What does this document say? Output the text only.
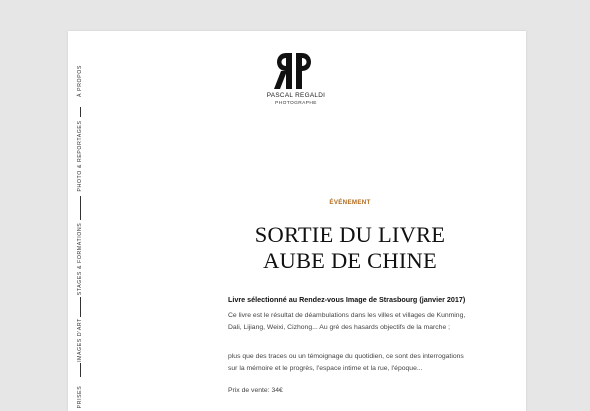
PASCAL REGALDI
PHOTOGRAPHE
À PROPOS
PHOTO & REPORTAGES
STAGES & FORMATIONS
IMAGES D'ART
PRISES
ÉVÉNEMENT
SORTIE DU LIVRE
AUBE DE CHINE
Livre sélectionné au Rendez-vous Image de Strasbourg (janvier 2017)
Ce livre est le résultat de déambulations dans les villes et villages de Kunming, Dali, Lijiang, Weixi, Cizhong... Au gré des hasards objectifs de la marche ;
plus que des traces ou un témoignage du quotidien, ce sont des interrogations sur la mémoire et le progrès, l'espace intime et la rue, l'époque...
Prix de vente: 34€
